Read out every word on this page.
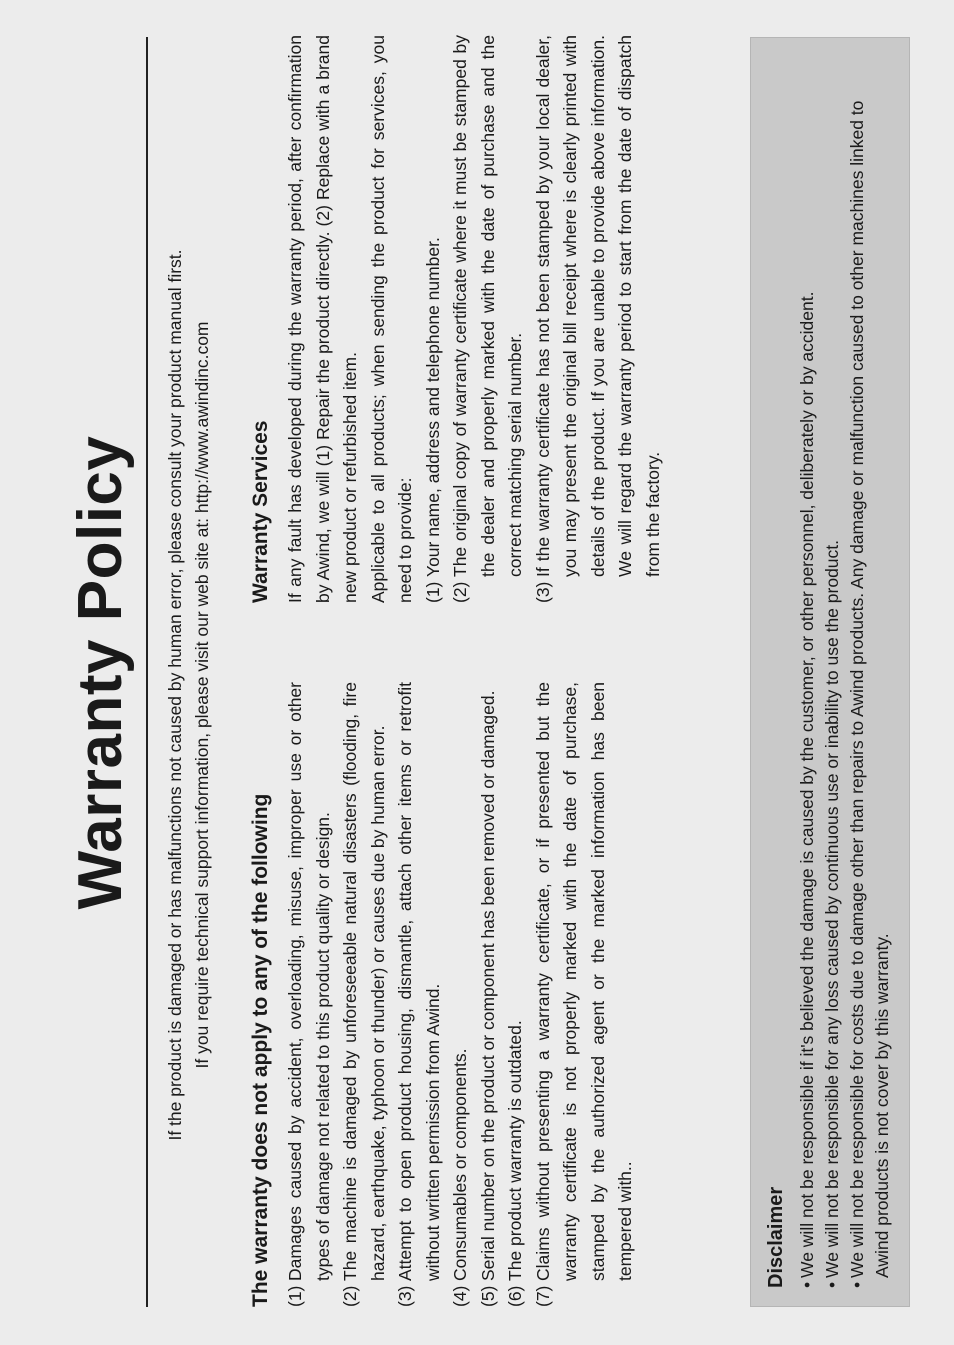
Warranty Policy If the product is damaged or has malfunctions not caused by human error, please consult your product manual first. If you require technical support information, please visit our web site at: http://www.awindinc.com The warranty does not apply to any of the following (1)
Damages caused by accident, overloading, misuse, improper use or other types of damage not related to this product quality or design.
(2)
The machine is damaged by unforeseeable natural disasters (flooding, fire hazard, earthquake, typhoon or thunder) or causes due by human error.
(3)
Attempt to open product housing, dismantle, attach other items or retrofit without written permission from Awind.
(4)
Consumables or components.
(5)
Serial number on the product or component has been removed or damaged.
(6)
The product warranty is outdated.
(7)
Claims without presenting a warranty certificate, or if presented but the warranty certificate is not properly marked with the date of purchase, stamped by the authorized agent or the marked information has been tempered with..
Warranty Services If any fault has developed during the warranty period, after confirmation by Awind, we will (1) Repair the product directly. (2) Replace with a brand new product or refurbished item. Applicable to all products; when sending the product for services, you need to provide: (1)
Your name, address and telephone number.
(2)
The original copy of warranty certificate where it must be stamped by the dealer and properly marked with the date of purchase and the correct matching serial number.
(3)
If the warranty certificate has not been stamped by your local dealer, you may present the original bill receipt where is clearly printed with details of the product. If you are unable to provide above information. We will regard the warranty period to start from the date of dispatch from the factory.
Disclaimer •
We will not be responsible if it's believed the damage is caused by the customer, or other personnel, deliberately or by accident.
•
We will not be responsible for any loss caused by continuous use or inability to use the product.
•
We will not be responsible for costs due to damage other than repairs to Awind products. Any damage or malfunction caused to other machines linked to Awind products is not cover by this warranty.
